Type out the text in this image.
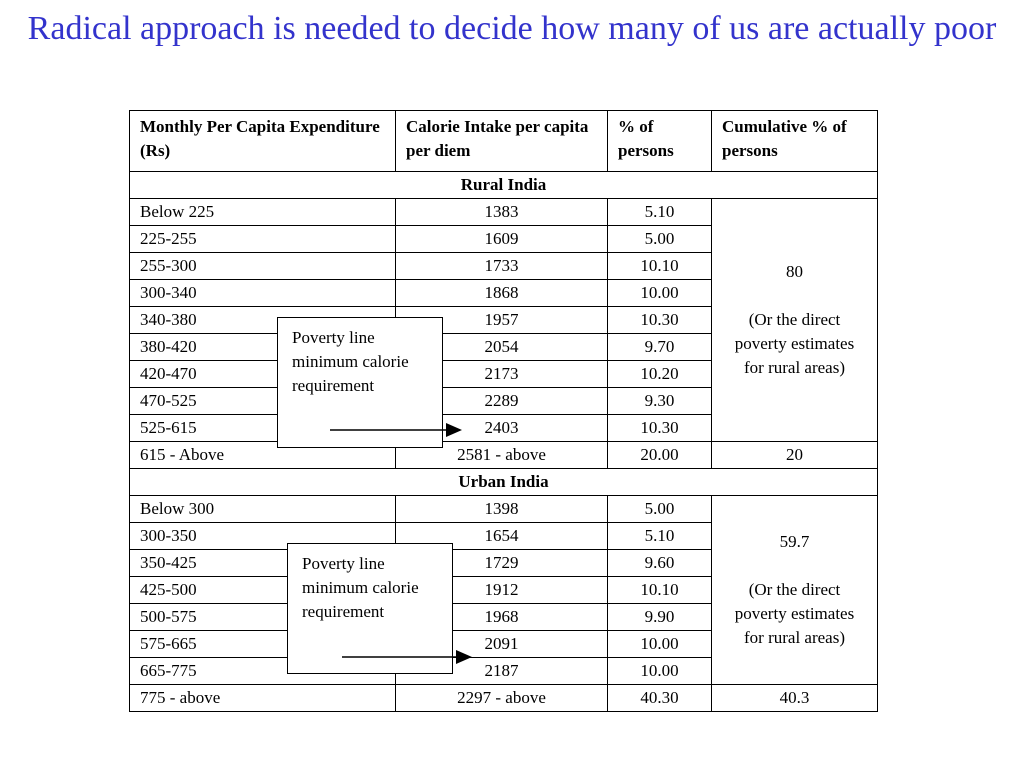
Radical approach is needed to decide how many of us are actually poor
Monthly Per Capita Expenditure (Rs)	Calorie Intake per capita per diem	% of persons	Cumulative % of persons
Rural India			
Below 225	1383	5.10	80
(Or the direct poverty estimates for rural areas)

225-255	1609	5.00	
255-300	1733	10.10	
300-340	1868	10.00	
340-380	1957	10.30	
380-420	2054	9.70	
420-470	2173	10.20	
470-525	2289	9.30	
525-615	2403	10.30	
615 - Above	2581 - above	20.00	20
Urban India			
Below 300	1398	5.00	59.7
(Or the direct poverty estimates for rural areas)

300-350	1654	5.10	
350-425	1729	9.60	
425-500	1912	10.10	
500-575	1968	9.90	
575-665	2091	10.00	
665-775	2187	10.00	
775 - above	2297 - above	40.30	40.3
Poverty line minimum calorie requirement
Poverty line minimum calorie requirement
